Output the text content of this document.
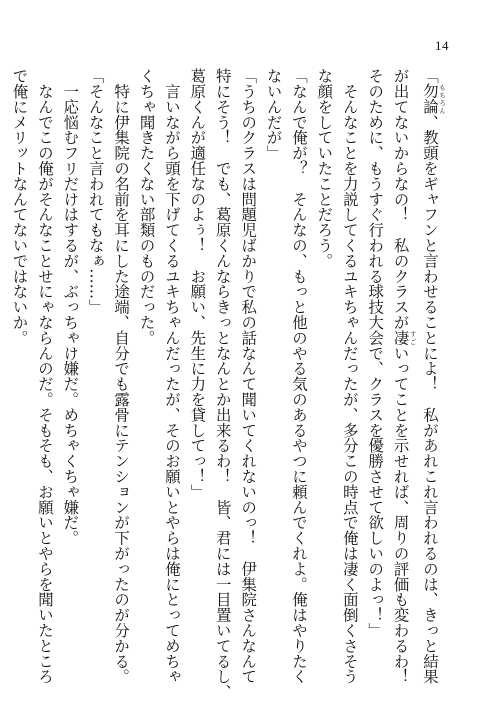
14
「勿論 もちろん、教頭をギャフンと言わせることによ！　私があれこれ言われるのは、きっと結果
が出てないからなの！　私のクラスが凄 すごいってことを示せれば、周りの評価も変わるわ！
そのために、もうすぐ行われる球技大会で、クラスを優勝させて欲しいのよっ！」
　そんなことを力説してくるユキちゃんだったが、多分この時点で俺は凄く面倒くさそう
な顔をしていたことだろう。
「なんで俺が？　そんなの、もっと他のやる気のあるやつに頼んでくれよ。俺はやりたく
ないんだが」
「うちのクラスは問題児ばかりで私の話なんて聞いてくれないのっ！　伊集院さんなんて
特にそう！　でも、葛原くんならきっとなんとか出来るわ！　皆、君には一目置いてるし、
葛原くんが適任なのよぅ！　お願い、先生に力を貸してっ！」
　言いながら頭を下げてくるユキちゃんだったが、そのお願いとやらは俺にとってめちゃ
くちゃ聞きたくない部類のものだった。
　特に伊集院の名前を耳にした途端、自分でも露骨にテンションが下がったのが分かる。
「そんなこと言われてもなぁ……」
　一応悩むフリだけはするが、ぶっちゃけ嫌だ。めちゃくちゃ嫌だ。
　なんでこの俺がそんなことせにゃならんのだ。そもそも、お願いとやらを聞いたところ
で俺にメリットなんてないではないか。
